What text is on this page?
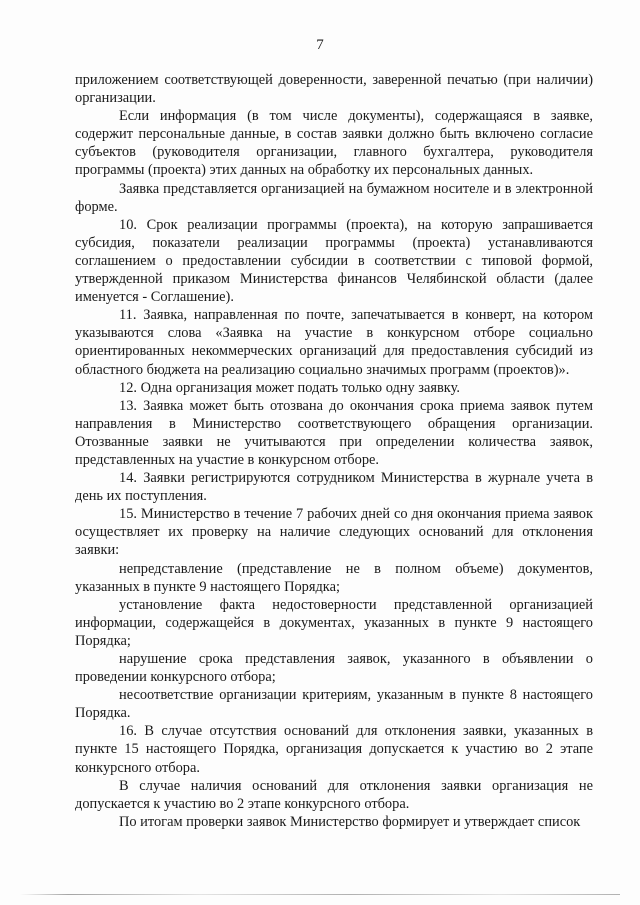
7

приложением соответствующей доверенности, заверенной печатью (при наличии) организации.

Если информация (в том числе документы), содержащаяся в заявке, содержит персональные данные, в состав заявки должно быть включено согласие субъектов (руководителя организации, главного бухгалтера, руководителя программы (проекта) этих данных на обработку их персональных данных.

Заявка представляется организацией на бумажном носителе и в электронной форме.

10. Срок реализации программы (проекта), на которую запрашивается субсидия, показатели реализации программы (проекта) устанавливаются соглашением о предоставлении субсидии в соответствии с типовой формой, утвержденной приказом Министерства финансов Челябинской области (далее именуется - Соглашение).

11. Заявка, направленная по почте, запечатывается в конверт, на котором указываются слова «Заявка на участие в конкурсном отборе социально ориентированных некоммерческих организаций для предоставления субсидий из областного бюджета на реализацию социально значимых программ (проектов)».

12. Одна организация может подать только одну заявку.

13. Заявка может быть отозвана до окончания срока приема заявок путем направления в Министерство соответствующего обращения организации. Отозванные заявки не учитываются при определении количества заявок, представленных на участие в конкурсном отборе.

14. Заявки регистрируются сотрудником Министерства в журнале учета в день их поступления.

15. Министерство в течение 7 рабочих дней со дня окончания приема заявок осуществляет их проверку на наличие следующих оснований для отклонения заявки:

непредставление (представление не в полном объеме) документов, указанных в пункте 9 настоящего Порядка;

установление факта недостоверности представленной организацией информации, содержащейся в документах, указанных в пункте 9 настоящего Порядка;

нарушение срока представления заявок, указанного в объявлении о проведении конкурсного отбора;

несоответствие организации критериям, указанным в пункте 8 настоящего Порядка.

16. В случае отсутствия оснований для отклонения заявки, указанных в пункте 15 настоящего Порядка, организация допускается к участию во 2 этапе конкурсного отбора.

В случае наличия оснований для отклонения заявки организация не допускается к участию во 2 этапе конкурсного отбора.

По итогам проверки заявок Министерство формирует и утверждает список
